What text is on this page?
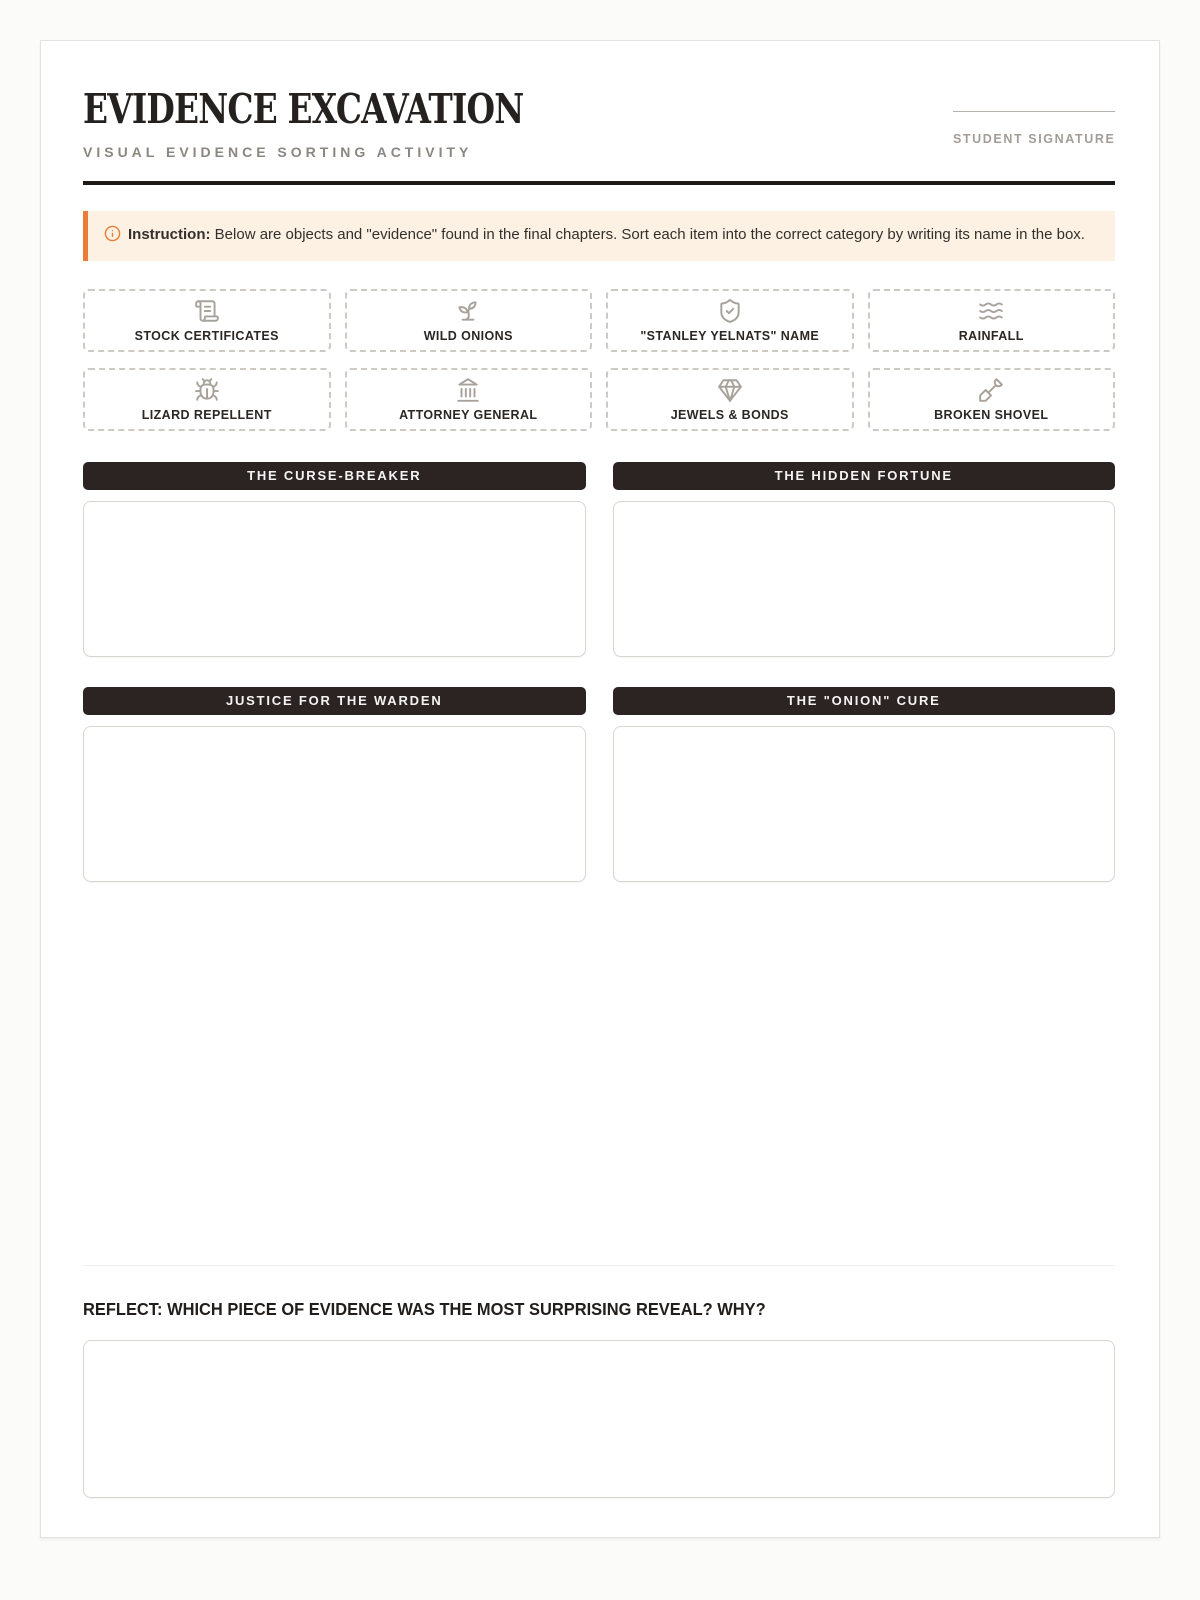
EVIDENCE EXCAVATION
VISUAL EVIDENCE SORTING ACTIVITY
STUDENT SIGNATURE
Instruction: Below are objects and "evidence" found in the final chapters. Sort each item into the correct category by writing its name in the box.
STOCK CERTIFICATES	WILD ONIONS	"STANLEY YELNATS" NAME	RAINFALL
LIZARD REPELLENT	ATTORNEY GENERAL	JEWELS & BONDS	BROKEN SHOVEL
THE CURSE-BREAKER	THE HIDDEN FORTUNE
JUSTICE FOR THE WARDEN	THE "ONION" CURE
REFLECT: WHICH PIECE OF EVIDENCE WAS THE MOST SURPRISING REVEAL? WHY?
